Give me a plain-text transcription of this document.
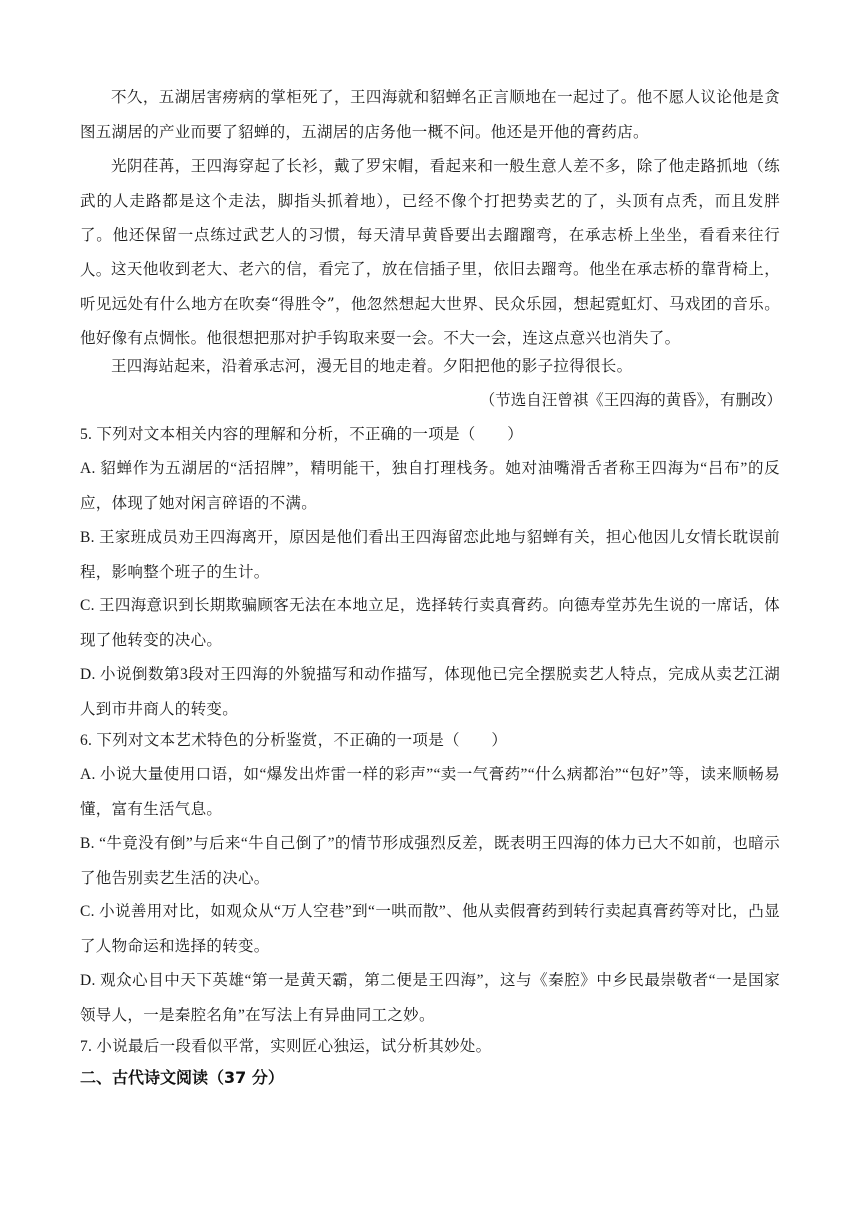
不久，五湖居害痨病的掌柜死了，王四海就和貂蝉名正言顺地在一起过了。他不愿人议论他是贪图五湖居的产业而要了貂蝉的，五湖居的店务他一概不问。他还是开他的膏药店。

光阴荏苒，王四海穿起了长衫，戴了罗宋帽，看起来和一般生意人差不多，除了他走路抓地（练武的人走路都是这个走法，脚指头抓着地），已经不像个打把势卖艺的了，头顶有点秃，而且发胖了。他还保留一点练过武艺人的习惯，每天清早黄昏要出去蹓蹓弯，在承志桥上坐坐，看看来往行人。 这天他收到老大、老六的信，看完了，放在信插子里，依旧去蹓弯。他坐在承志桥的靠背椅上，听见远处有什么地方在吹奏“得胜令”，他忽然想起大世界、民众乐园，想起霓虹灯、马戏团的音乐。他好像有点惆怅。他很想把那对护手钩取来耍一会。不大一会，连这点意兴也消失了。

王四海站起来，沿着承志河，漫无目的地走着。夕阳把他的影子拉得很长。

（节选自汪曾祺《王四海的黄昏》，有删改）

5. 下列对文本相关内容的理解和分析，不正确的一项是（　　）

A. 貂蝉作为五湖居的“活招牌”，精明能干，独自打理栈务。她对油嘴滑舌者称王四海为“吕布”的反应，体现了她对闲言碎语的不满。

B. 王家班成员劝王四海离开，原因是他们看出王四海留恋此地与貂蝉有关，担心他因儿女情长耽误前程，影响整个班子的生计。

C. 王四海意识到长期欺骗顾客无法在本地立足，选择转行卖真膏药。向德寿堂苏先生说的一席话，体现了他转变的决心。

D. 小说倒数第3段对王四海的外貌描写和动作描写，体现他已完全摆脱卖艺人特点，完成从卖艺江湖人到市井商人的转变。

6. 下列对文本艺术特色的分析鉴赏，不正确的一项是（　　）

A. 小说大量使用口语，如“爆发出炸雷一样的彩声”“卖一气膏药”“什么病都治”“包好”等，读来顺畅易懂，富有生活气息。

B. “牛竟没有倒”与后来“牛自己倒了”的情节形成强烈反差，既表明王四海的体力已大不如前，也暗示了他告别卖艺生活的决心。

C. 小说善用对比，如观众从“万人空巷”到“一哄而散”、他从卖假膏药到转行卖起真膏药等对比，凸显了人物命运和选择的转变。

D. 观众心目中天下英雄“第一是黄天霸，第二便是王四海”，这与《秦腔》中乡民最崇敬者“一是国家领导人，一是秦腔名角”在写法上有异曲同工之妙。

7. 小说最后一段看似平常，实则匠心独运，试分析其妙处。

二、古代诗文阅读（37 分）
